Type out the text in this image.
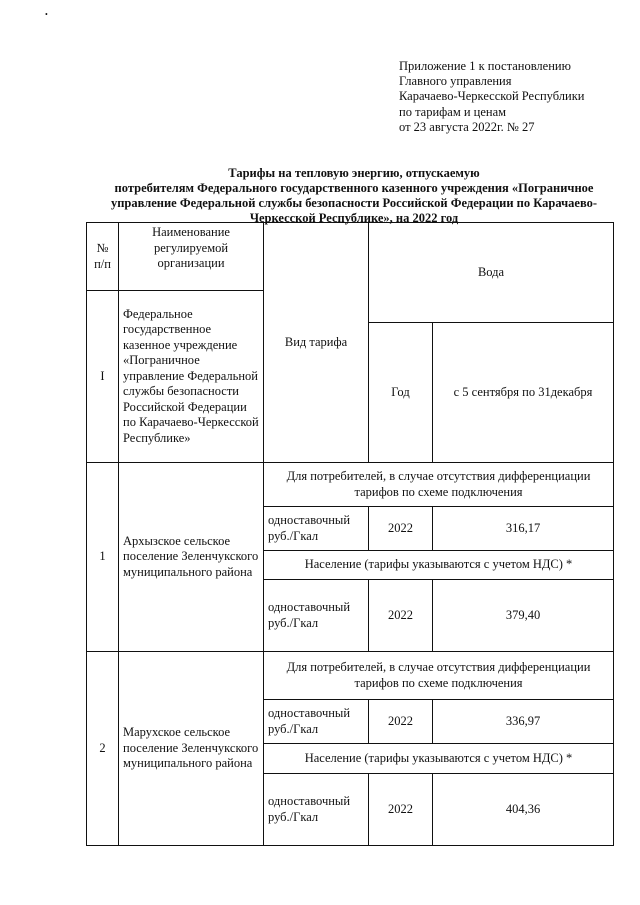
•
Приложение 1 к постановлению
Главного управления
Карачаево-Черкесской Республики
по тарифам и ценам
от 23 августа 2022г. № 27
Тарифы на тепловую энергию, отпускаемую
потребителям Федерального государственного казенного учреждения «Пограничное
управление Федеральной службы безопасности Российской Федерации по Карачаево-
Черкесской Республике», на 2022 год
№ п/п	Наименование регулируемой организации	Вид тарифа	Вода	
I	Федеральное государственное казенное учреждение «Пограничное управление Федеральной службы безопасности Российской Федерации по Карачаево-Черкесской Республике»			
			Год	с 5 сентября по 31декабря
1	Архызское сельское поселение Зеленчукского муниципального района	Для потребителей, в случае отсутствия дифференциации тарифов по схеме подключения		
		одноставочный руб./Гкал	2022	316,17
		Население (тарифы указываются с учетом НДС) *		
		одноставочный руб./Гкал	2022	379,40
2	Марухское сельское поселение Зеленчукского муниципального района	Для потребителей, в случае отсутствия дифференциации тарифов по схеме подключения		
		одноставочный руб./Гкал	2022	336,97
		Население (тарифы указываются с учетом НДС) *		
		одноставочный руб./Гкал	2022	404,36
